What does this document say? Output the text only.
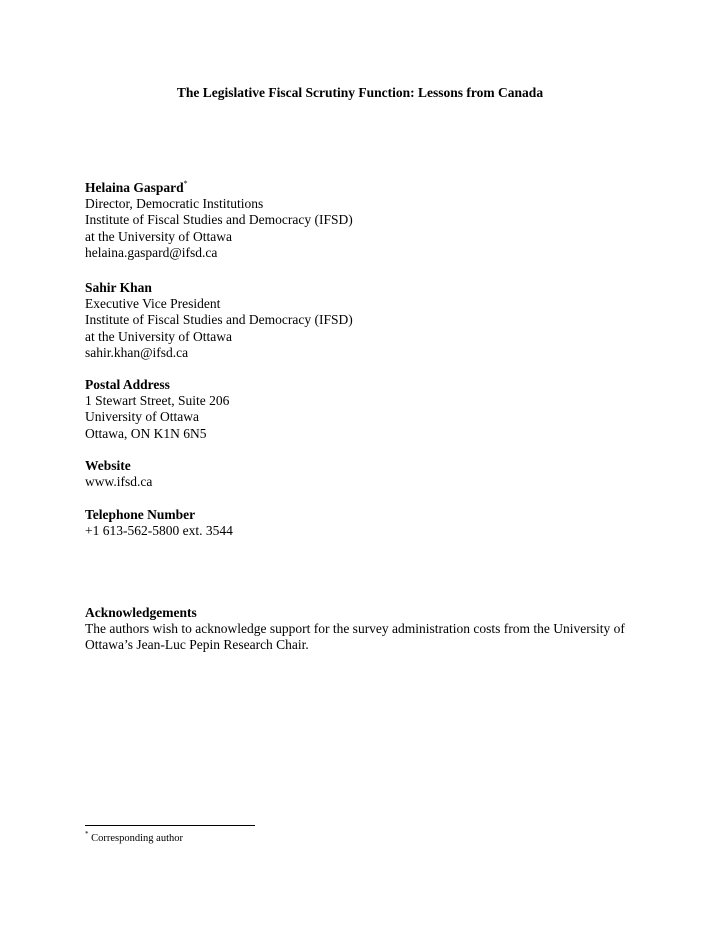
The Legislative Fiscal Scrutiny Function: Lessons from Canada
Helaina Gaspard*
Director, Democratic Institutions
Institute of Fiscal Studies and Democracy (IFSD)
at the University of Ottawa
helaina.gaspard@ifsd.ca
Sahir Khan
Executive Vice President
Institute of Fiscal Studies and Democracy (IFSD)
at the University of Ottawa
sahir.khan@ifsd.ca
Postal Address
1 Stewart Street, Suite 206
University of Ottawa
Ottawa, ON K1N 6N5
Website
www.ifsd.ca
Telephone Number
+1 613-562-5800 ext. 3544
Acknowledgements
The authors wish to acknowledge support for the survey administration costs from the University of Ottawa’s Jean-Luc Pepin Research Chair.
* Corresponding author
